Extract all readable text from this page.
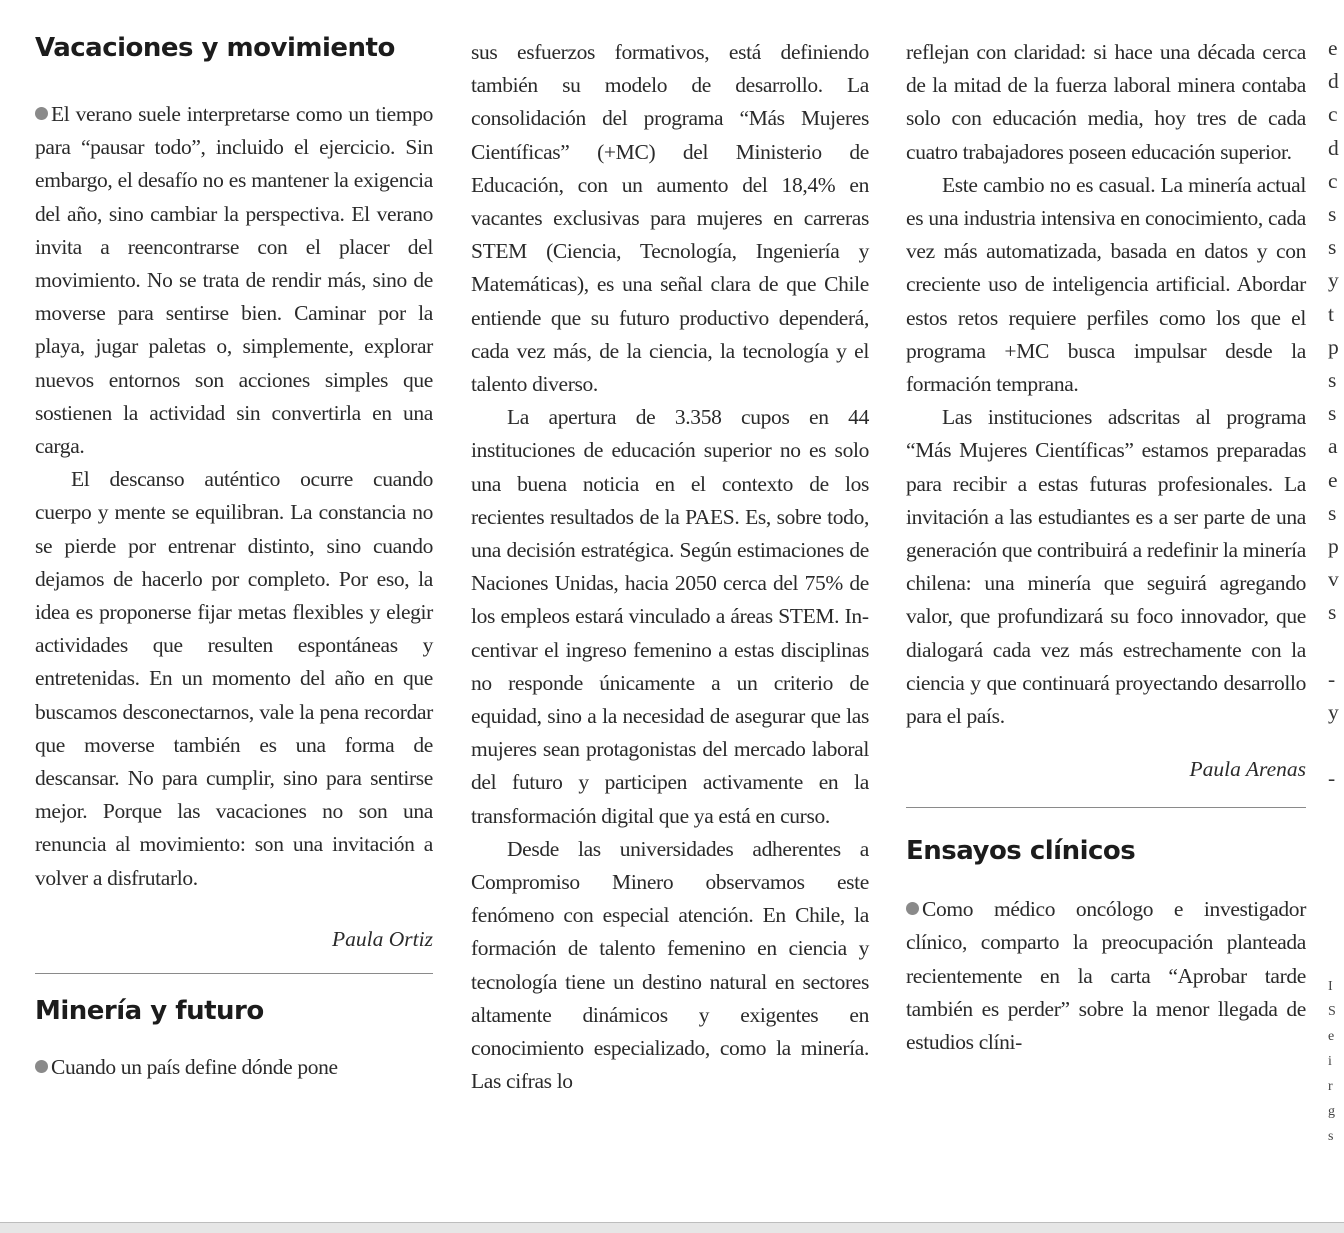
Vacaciones y movimiento

El verano suele interpretarse como un tiempo para “pausar todo”, incluido el ejercicio. Sin embargo, el desafío no es mantener la exigencia del año, sino cambiar la perspectiva. El verano invita a reencontrarse con el placer del movimiento. No se trata de rendir más, sino de moverse para sentirse bien. Caminar por la playa, jugar paletas o, simplemente, explorar nuevos entornos son acciones simples que sostienen la actividad sin convertirla en una carga.

El descanso auténtico ocurre cuando cuerpo y mente se equilibran. La constancia no se pierde por entrenar distinto, sino cuando dejamos de hacerlo por completo. Por eso, la idea es proponerse fijar metas flexibles y elegir actividades que resulten espontáneas y entretenidas. En un momento del año en que buscamos desconectarnos, vale la pena recordar que moverse también es una forma de descansar. No para cumplir, sino para sentirse mejor. Porque las vacaciones no son una renuncia al movimiento: son una invitación a volver a disfrutarlo.

Paula Ortiz

Minería y futuro

Cuando un país define dónde pone

sus esfuerzos formativos, está definiendo también su modelo de desarrollo. La consolidación del programa “Más Mujeres Científicas” (+MC) del Ministerio de Educación, con un aumento del 18,4% en vacantes exclusivas para mujeres en carreras STEM (Ciencia, Tecnología, Ingeniería y Matemáticas), es una señal clara de que Chile entiende que su futuro productivo dependerá, cada vez más, de la ciencia, la tecnología y el talento diverso.

La apertura de 3.358 cupos en 44 instituciones de educación superior no es solo una buena noticia en el contexto de los recientes resultados de la PAES. Es, sobre todo, una decisión estratégica. Según estimaciones de Naciones Unidas, hacia 2050 cerca del 75% de los empleos estará vinculado a áreas STEM. Incentivar el ingreso femenino a estas disciplinas no responde únicamente a un criterio de equidad, sino a la necesidad de asegurar que las mujeres sean protagonistas del mercado laboral del futuro y participen activamente en la transformación digital que ya está en curso.

Desde las universidades adherentes a Compromiso Minero observamos este fenómeno con especial atención. En Chile, la formación de talento femenino en ciencia y tecnología tiene un destino natural en sectores altamente dinámicos y exigentes en conocimiento especializado, como la minería. Las cifras lo

reflejan con claridad: si hace una década cerca de la mitad de la fuerza laboral minera contaba solo con educación media, hoy tres de cada cuatro trabajadores poseen educación superior.

Este cambio no es casual. La minería actual es una industria intensiva en conocimiento, cada vez más automatizada, basada en datos y con creciente uso de inteligencia artificial. Abordar estos retos requiere perfiles como los que el programa +MC busca impulsar desde la formación temprana.

Las instituciones adscritas al programa “Más Mujeres Científicas” estamos preparadas para recibir a estas futuras profesionales. La invitación a las estudiantes es a ser parte de una generación que contribuirá a redefinir la minería chilena: una minería que seguirá agregando valor, que profundizará su foco innovador, que dialogará cada vez más estrechamente con la ciencia y que continuará proyectando desarrollo para el país.

Paula Arenas

Ensayos clínicos

Como médico oncólogo e investigador clínico, comparto la preocupación planteada recientemente en la carta “Aprobar tarde también es perder” sobre la menor llegada de estudios clíni-

e
d
c
d
c
s
s
y
t
p
s
s
a
e
s
p
v
s
-
y
-
I
S
e
i
r
g
s
